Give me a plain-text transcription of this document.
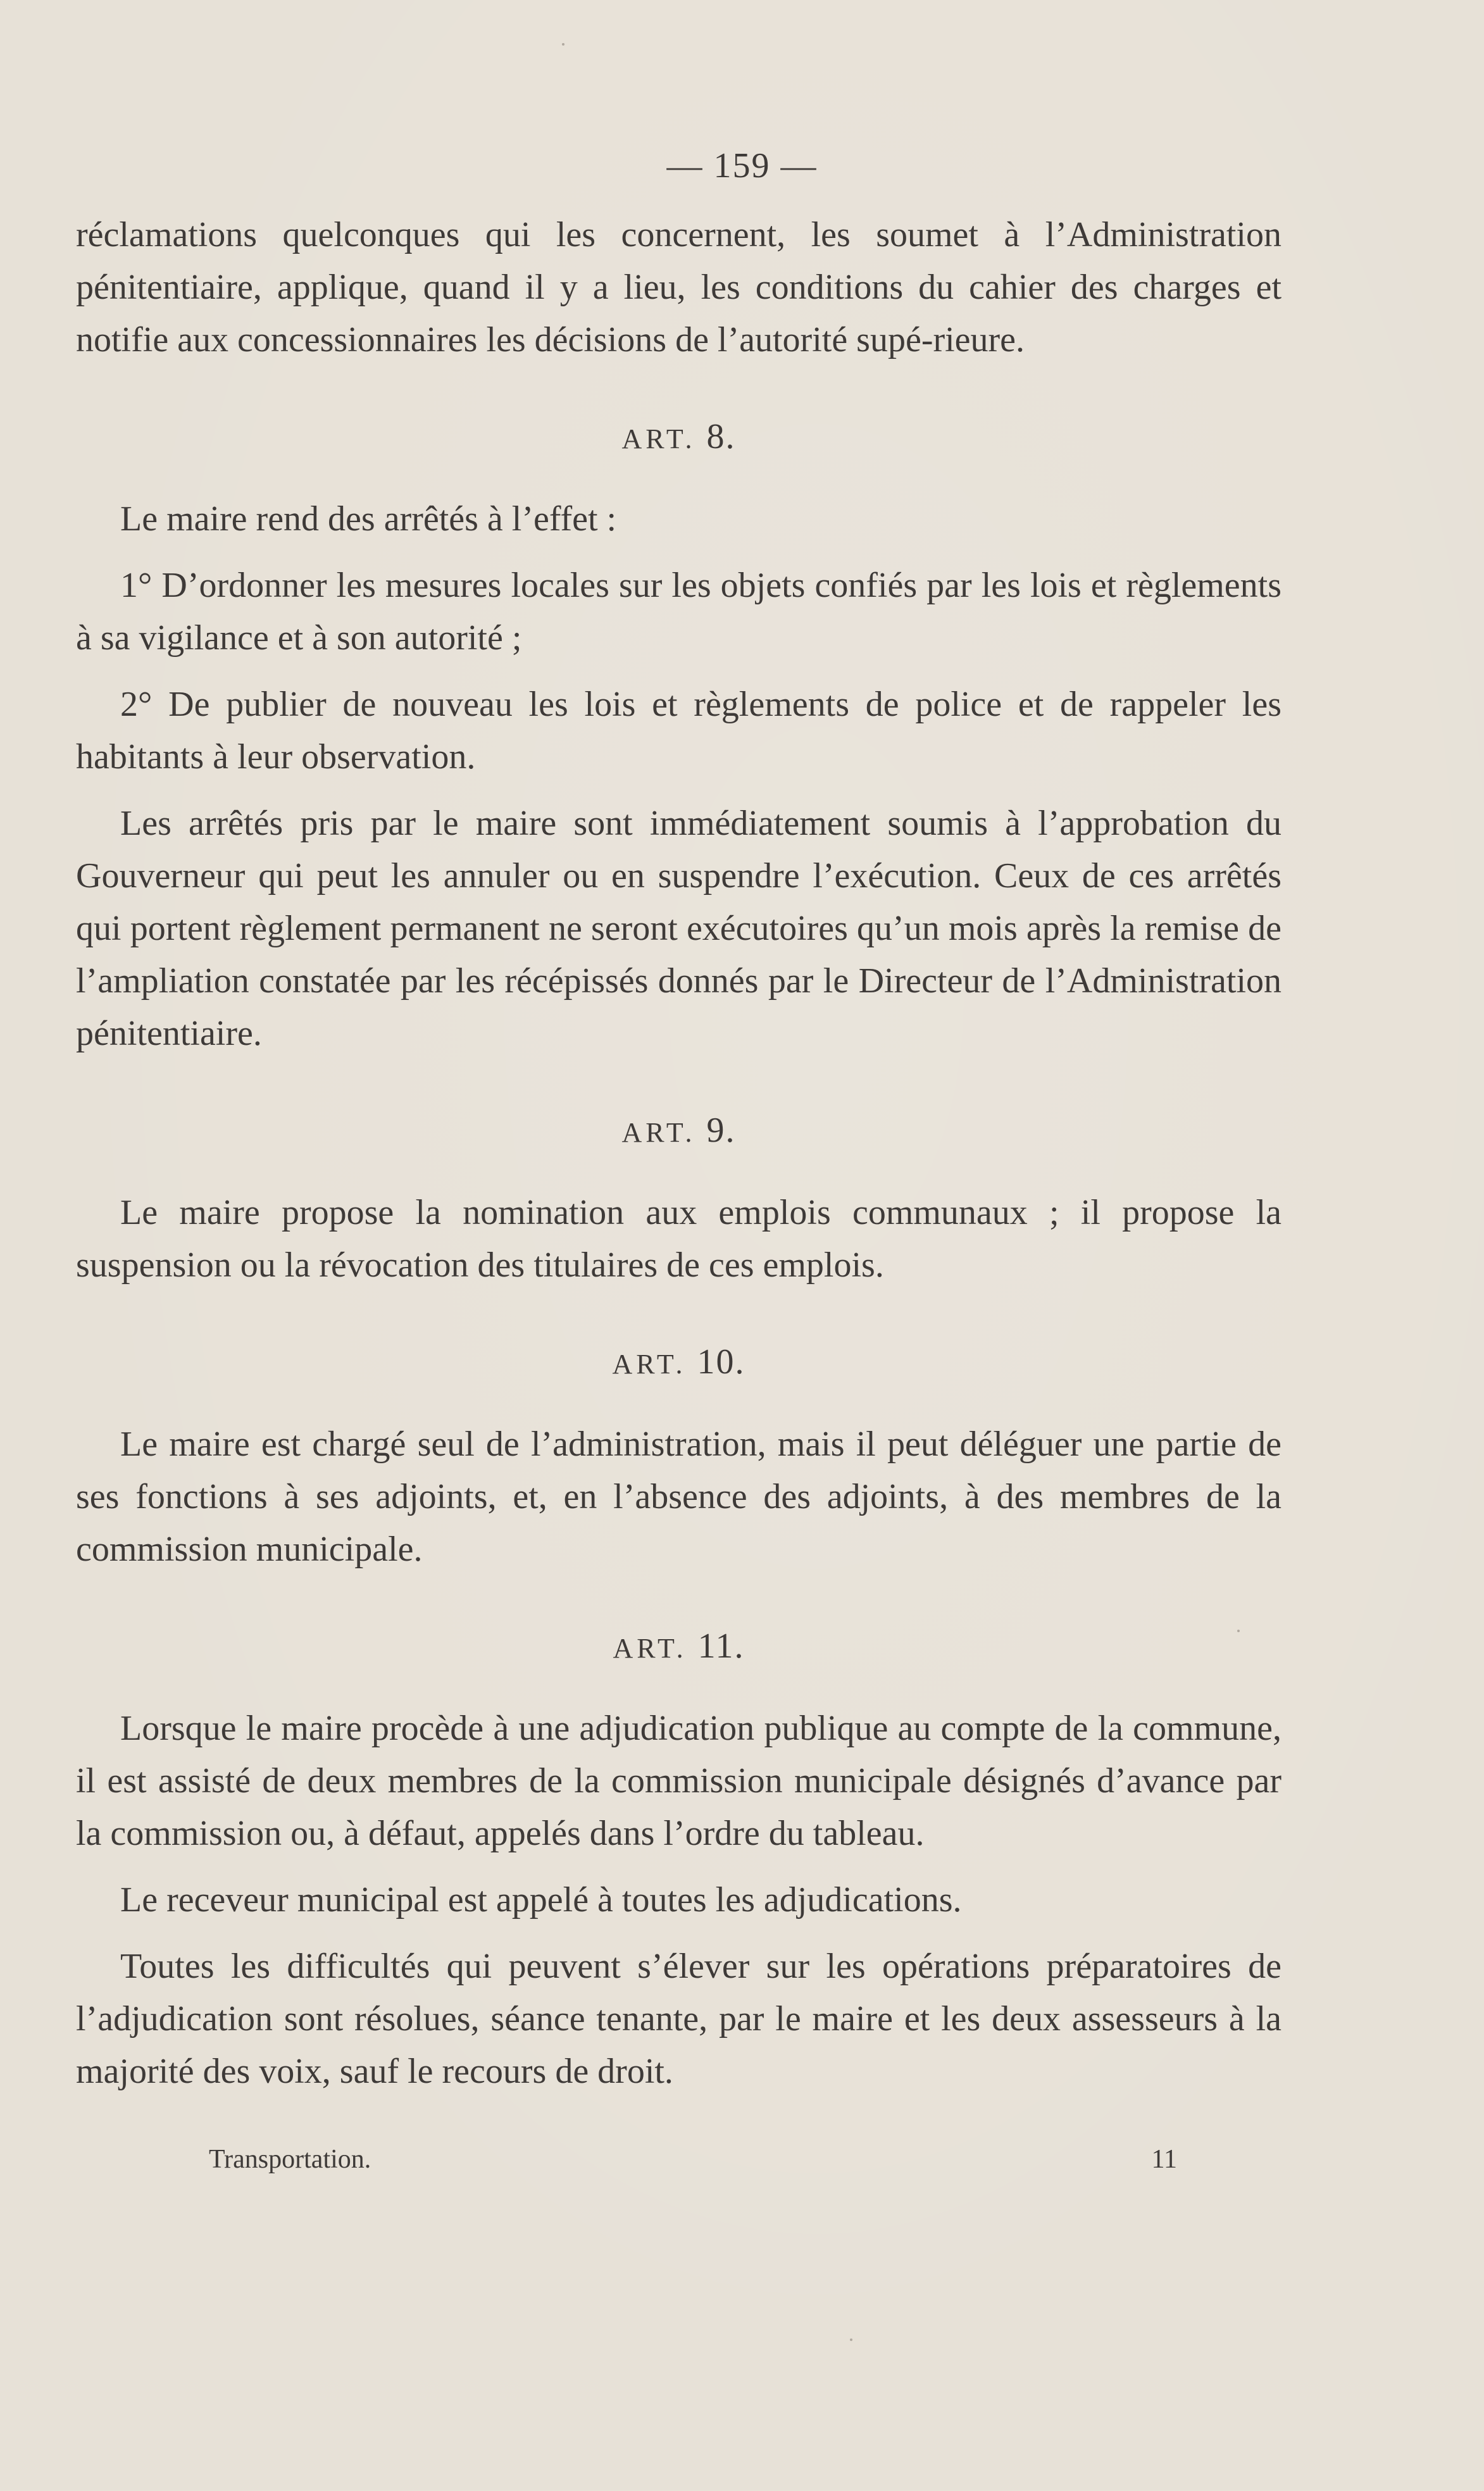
— 159 —

réclamations quelconques qui les concernent, les soumet à l’Administration pénitentiaire, applique, quand il y a lieu, les conditions du cahier des charges et notifie aux concessionnaires les décisions de l’autorité supé-rieure.

ART. 8.

Le maire rend des arrêtés à l’effet :

1° D’ordonner les mesures locales sur les objets confiés par les lois et règlements à sa vigilance et à son autorité ;

2° De publier de nouveau les lois et règlements de police et de rappeler les habitants à leur observation.

Les arrêtés pris par le maire sont immédiatement soumis à l’approbation du Gouverneur qui peut les annuler ou en suspendre l’exécution. Ceux de ces arrêtés qui portent règlement permanent ne seront exécutoires qu’un mois après la remise de l’ampliation constatée par les récépissés donnés par le Directeur de l’Administration pénitentiaire.

ART. 9.

Le maire propose la nomination aux emplois communaux ; il propose la suspension ou la révocation des titulaires de ces emplois.

ART. 10.

Le maire est chargé seul de l’administration, mais il peut déléguer une partie de ses fonctions à ses adjoints, et, en l’absence des adjoints, à des membres de la commission municipale.

ART. 11.

Lorsque le maire procède à une adjudication publique au compte de la commune, il est assisté de deux membres de la commission municipale désignés d’avance par la commission ou, à défaut, appelés dans l’ordre du tableau.

Le receveur municipal est appelé à toutes les adjudications.

Toutes les difficultés qui peuvent s’élever sur les opérations préparatoires de l’adjudication sont résolues, séance tenante, par le maire et les deux assesseurs à la majorité des voix, sauf le recours de droit.

Transportation.	11
